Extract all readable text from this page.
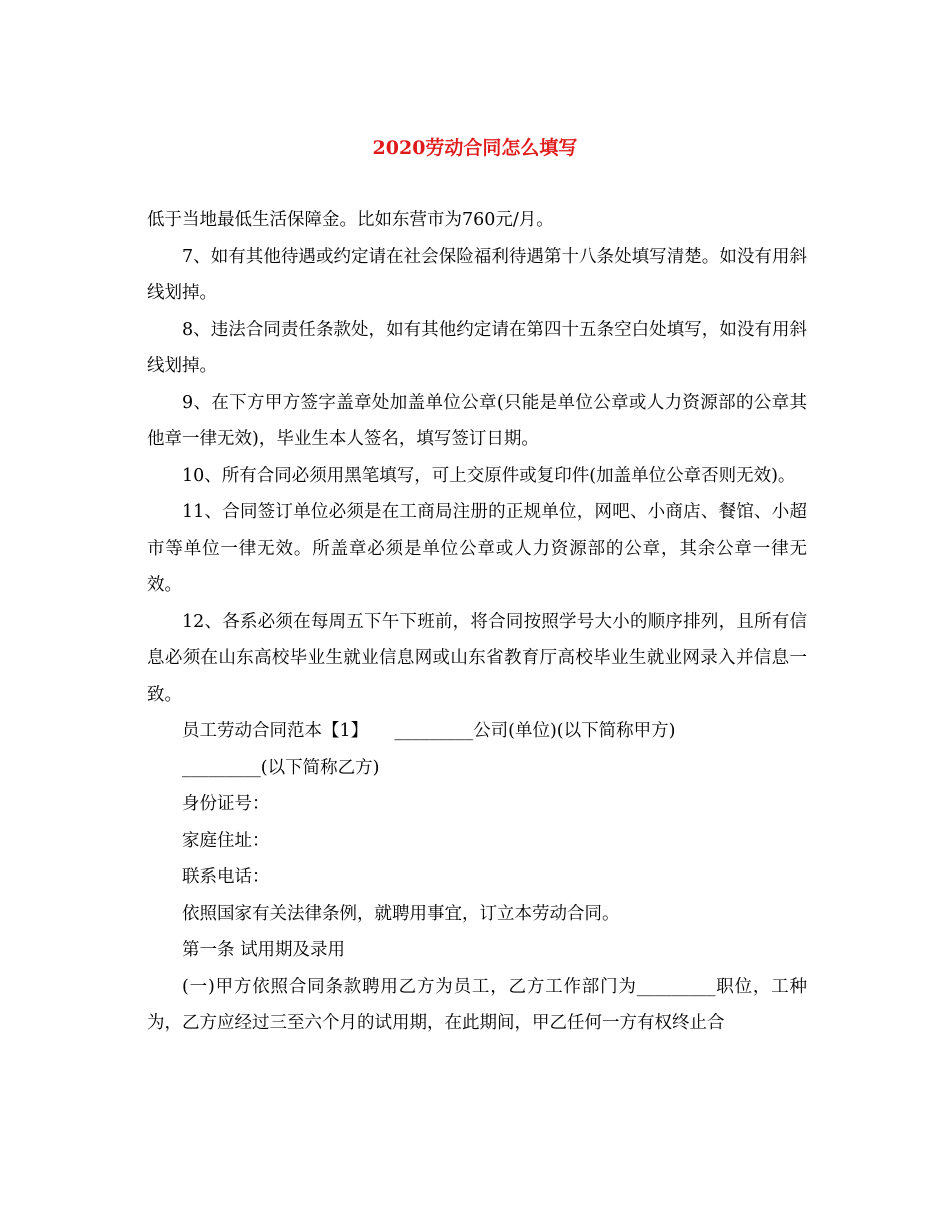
2020劳动合同怎么填写

低于当地最低生活保障金。比如东营市为760元/月。

7、如有其他待遇或约定请在社会保险福利待遇第十八条处填写清楚。如没有用斜线划掉。

8、违法合同责任条款处，如有其他约定请在第四十五条空白处填写，如没有用斜线划掉。

9、在下方甲方签字盖章处加盖单位公章(只能是单位公章或人力资源部的公章其他章一律无效)，毕业生本人签名，填写签订日期。

10、所有合同必须用黑笔填写，可上交原件或复印件(加盖单位公章否则无效)。

11、合同签订单位必须是在工商局注册的正规单位，网吧、小商店、餐馆、小超市等单位一律无效。所盖章必须是单位公章或人力资源部的公章，其余公章一律无效。

12、各系必须在每周五下午下班前，将合同按照学号大小的顺序排列，且所有信息必须在山东高校毕业生就业信息网或山东省教育厅高校毕业生就业网录入并信息一致。

员工劳动合同范本【1】　　_________公司(单位)(以下简称甲方)

_________(以下简称乙方)

身份证号：

家庭住址：

联系电话：

依照国家有关法律条例，就聘用事宜，订立本劳动合同。

第一条 试用期及录用

(一)甲方依照合同条款聘用乙方为员工，乙方工作部门为_________职位，工种为，乙方应经过三至六个月的试用期，在此期间，甲乙任何一方有权终止合
